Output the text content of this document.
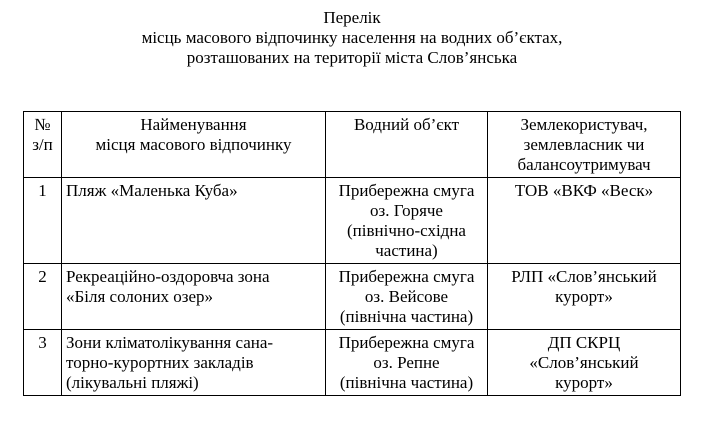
Перелік
місць масового відпочинку населення на водних об’єктах,
розташованих на території міста Слов’янська
№
з/п	Найменування
місця масового відпочинку	Водний об’єкт	Землекористувач,
землевласник чи
балансоутримувач

1	Пляж «Маленька Куба»	Прибережна смуга
оз. Горяче
(північно-східна
частина)	ТОВ «ВКФ «Веск»

2	Рекреаційно-оздоровча зона
«Біля солоних озер»	Прибережна смуга
оз. Вейсове
(північна частина)	РЛП «Слов’янський
курорт»

3	Зони кліматолікування сана-
торно-курортних закладів
(лікувальні пляжі)	Прибережна смуга
оз. Репне
(північна частина)	ДП СКРЦ
«Слов’янський
курорт»
